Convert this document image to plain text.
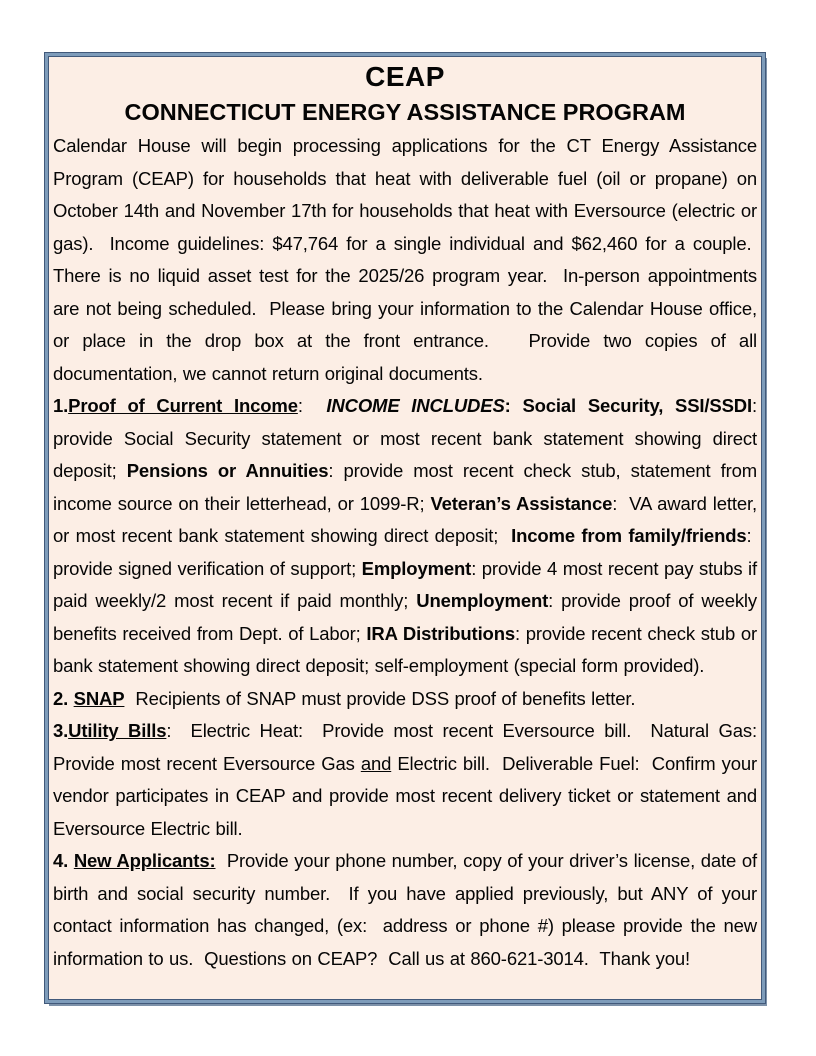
CEAP
CONNECTICUT ENERGY ASSISTANCE PROGRAM

Calendar House will begin processing applications for the CT Energy Assistance Program (CEAP) for households that heat with deliverable fuel (oil or propane) on October 14th and November 17th for households that heat with Eversource (electric or gas).  Income guidelines: $47,764 for a single individual and $62,460 for a couple.  There is no liquid asset test for the 2025/26 program year.  In-person appointments are not being scheduled.  Please bring your information to the Calendar House office, or place in the drop box at the front entrance.   Provide two copies of all documentation, we cannot return original documents.

1.Proof of Current Income:  INCOME INCLUDES: Social Security, SSI/SSDI: provide Social Security statement or most recent bank statement showing direct deposit; Pensions or Annuities: provide most recent check stub, statement from income source on their letterhead, or 1099-R; Veteran’s Assistance:  VA award letter, or most recent bank statement showing direct deposit;  Income from family/friends:  provide signed verification of support; Employment: provide 4 most recent pay stubs if paid weekly/2 most recent if paid monthly; Unemployment: provide proof of weekly benefits received from Dept. of Labor; IRA Distributions: provide recent check stub or bank statement showing direct deposit; self-employment (special form provided).

2. SNAP  Recipients of SNAP must provide DSS proof of benefits letter.

3.Utility Bills:  Electric Heat:  Provide most recent Eversource bill.  Natural Gas: Provide most recent Eversource Gas and Electric bill.  Deliverable Fuel:  Confirm your vendor participates in CEAP and provide most recent delivery ticket or statement and Eversource Electric bill.

4. New Applicants:  Provide your phone number, copy of your driver’s license, date of birth and social security number.  If you have applied previously, but ANY of your contact information has changed, (ex:  address or phone #) please provide the new information to us.  Questions on CEAP?  Call us at 860-621-3014.  Thank you!
